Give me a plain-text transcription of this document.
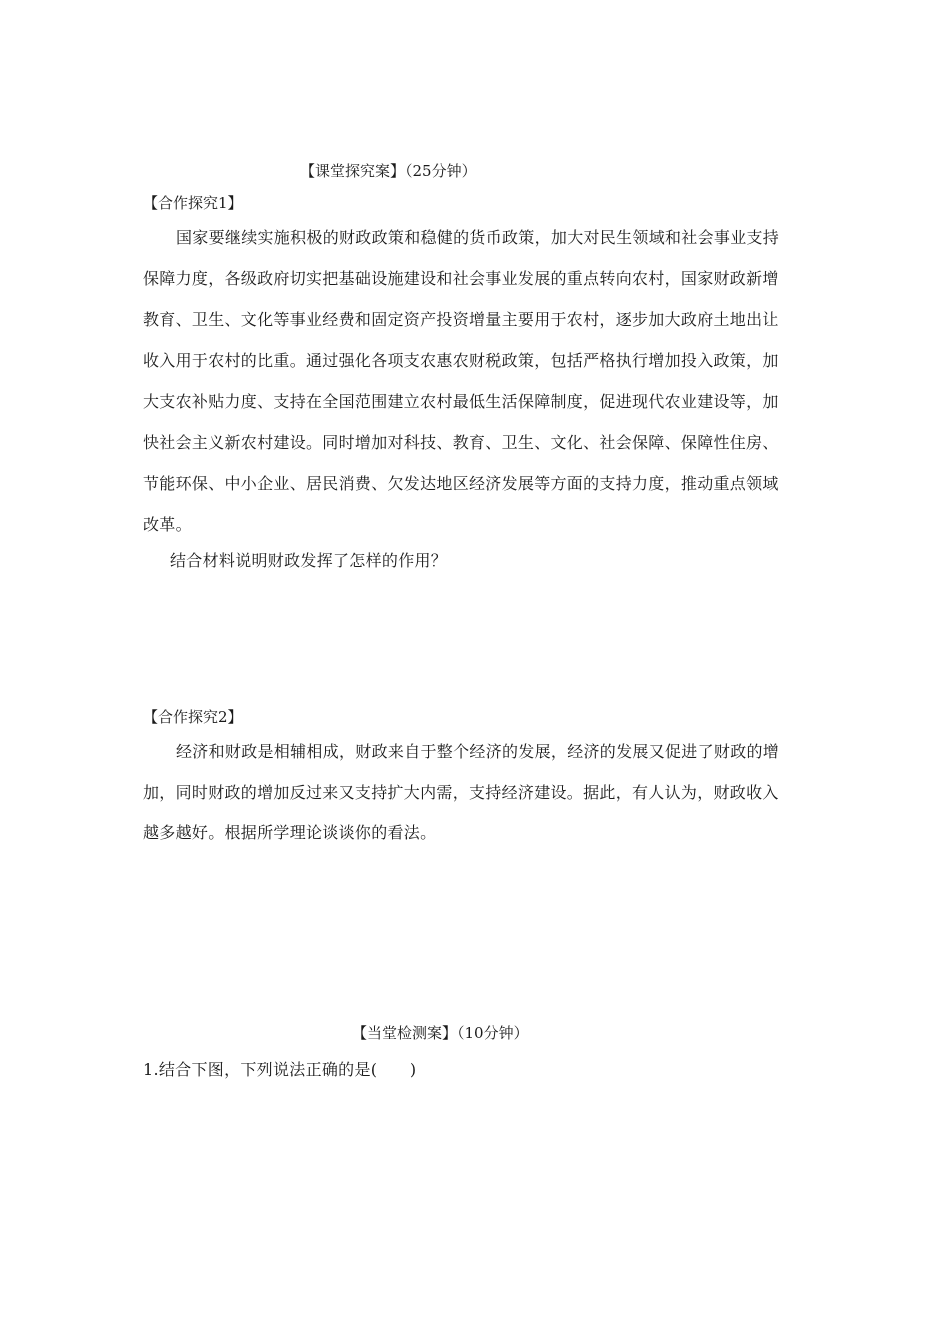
【课堂探究案】（25分钟）
【合作探究1】
国家要继续实施积极的财政政策和稳健的货币政策，加大对民生领域和社会事业支持
保障力度，各级政府切实把基础设施建设和社会事业发展的重点转向农村，国家财政新增
教育、卫生、文化等事业经费和固定资产投资增量主要用于农村，逐步加大政府土地出让
收入用于农村的比重。通过强化各项支农惠农财税政策，包括严格执行增加投入政策，加
大支农补贴力度、支持在全国范围建立农村最低生活保障制度，促进现代农业建设等，加
快社会主义新农村建设。同时增加对科技、教育、卫生、文化、社会保障、保障性住房、
节能环保、中小企业、居民消费、欠发达地区经济发展等方面的支持力度，推动重点领域
改革。
结合材料说明财政发挥了怎样的作用？
【合作探究2】
经济和财政是相辅相成，财政来自于整个经济的发展，经济的发展又促进了财政的增
加，同时财政的增加反过来又支持扩大内需，支持经济建设。据此，有人认为，财政收入
越多越好。根据所学理论谈谈你的看法。
【当堂检测案】（10分钟）
1.结合下图，下列说法正确的是(　　)
